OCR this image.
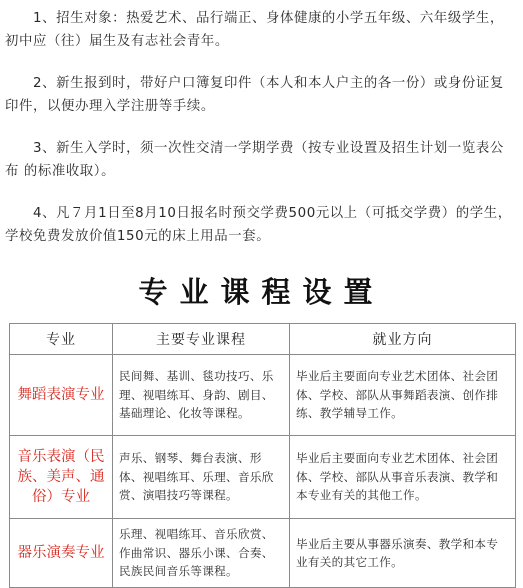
1、招生对象：热爱艺术、品行端正、身体健康的小学五年级、六年级学生，初中应（往）届生及有志社会青年。

2、新生报到时，带好户口簿复印件（本人和本人户主的各一份）或身份证复印件，以便办理入学注册等手续。

3、新生入学时，须一次性交清一学期学费（按专业设置及招生计划一览表公布 的标准收取）。

4、凡７月1日至8月10日报名时预交学费500元以上（可抵交学费）的学生， 学校免费发放价值150元的床上用品一套。

专业课程设置
专业	主要专业课程	就业方向
舞蹈表演专业	民间舞、基训、毯功技巧、乐理、视唱练耳、身韵、剧目、基础理论、化妆等课程。	毕业后主要面向专业艺术团体、社会团体、学校、部队从事舞蹈表演、创作排练、教学辅导工作。
音乐表演（民族、美声、通俗）专业	声乐、钢琴、舞台表演、形体、视唱练耳、乐理、音乐欣赏、演唱技巧等课程。	毕业后主要面向专业艺术团体、社会团体、学校、部队从事音乐表演、教学和本专业有关的其他工作。
器乐演奏专业	乐理、视唱练耳、音乐欣赏、作曲常识、器乐小课、合奏、民族民间音乐等课程。	毕业后主要从事器乐演奏、教学和本专业有关的其它工作。
